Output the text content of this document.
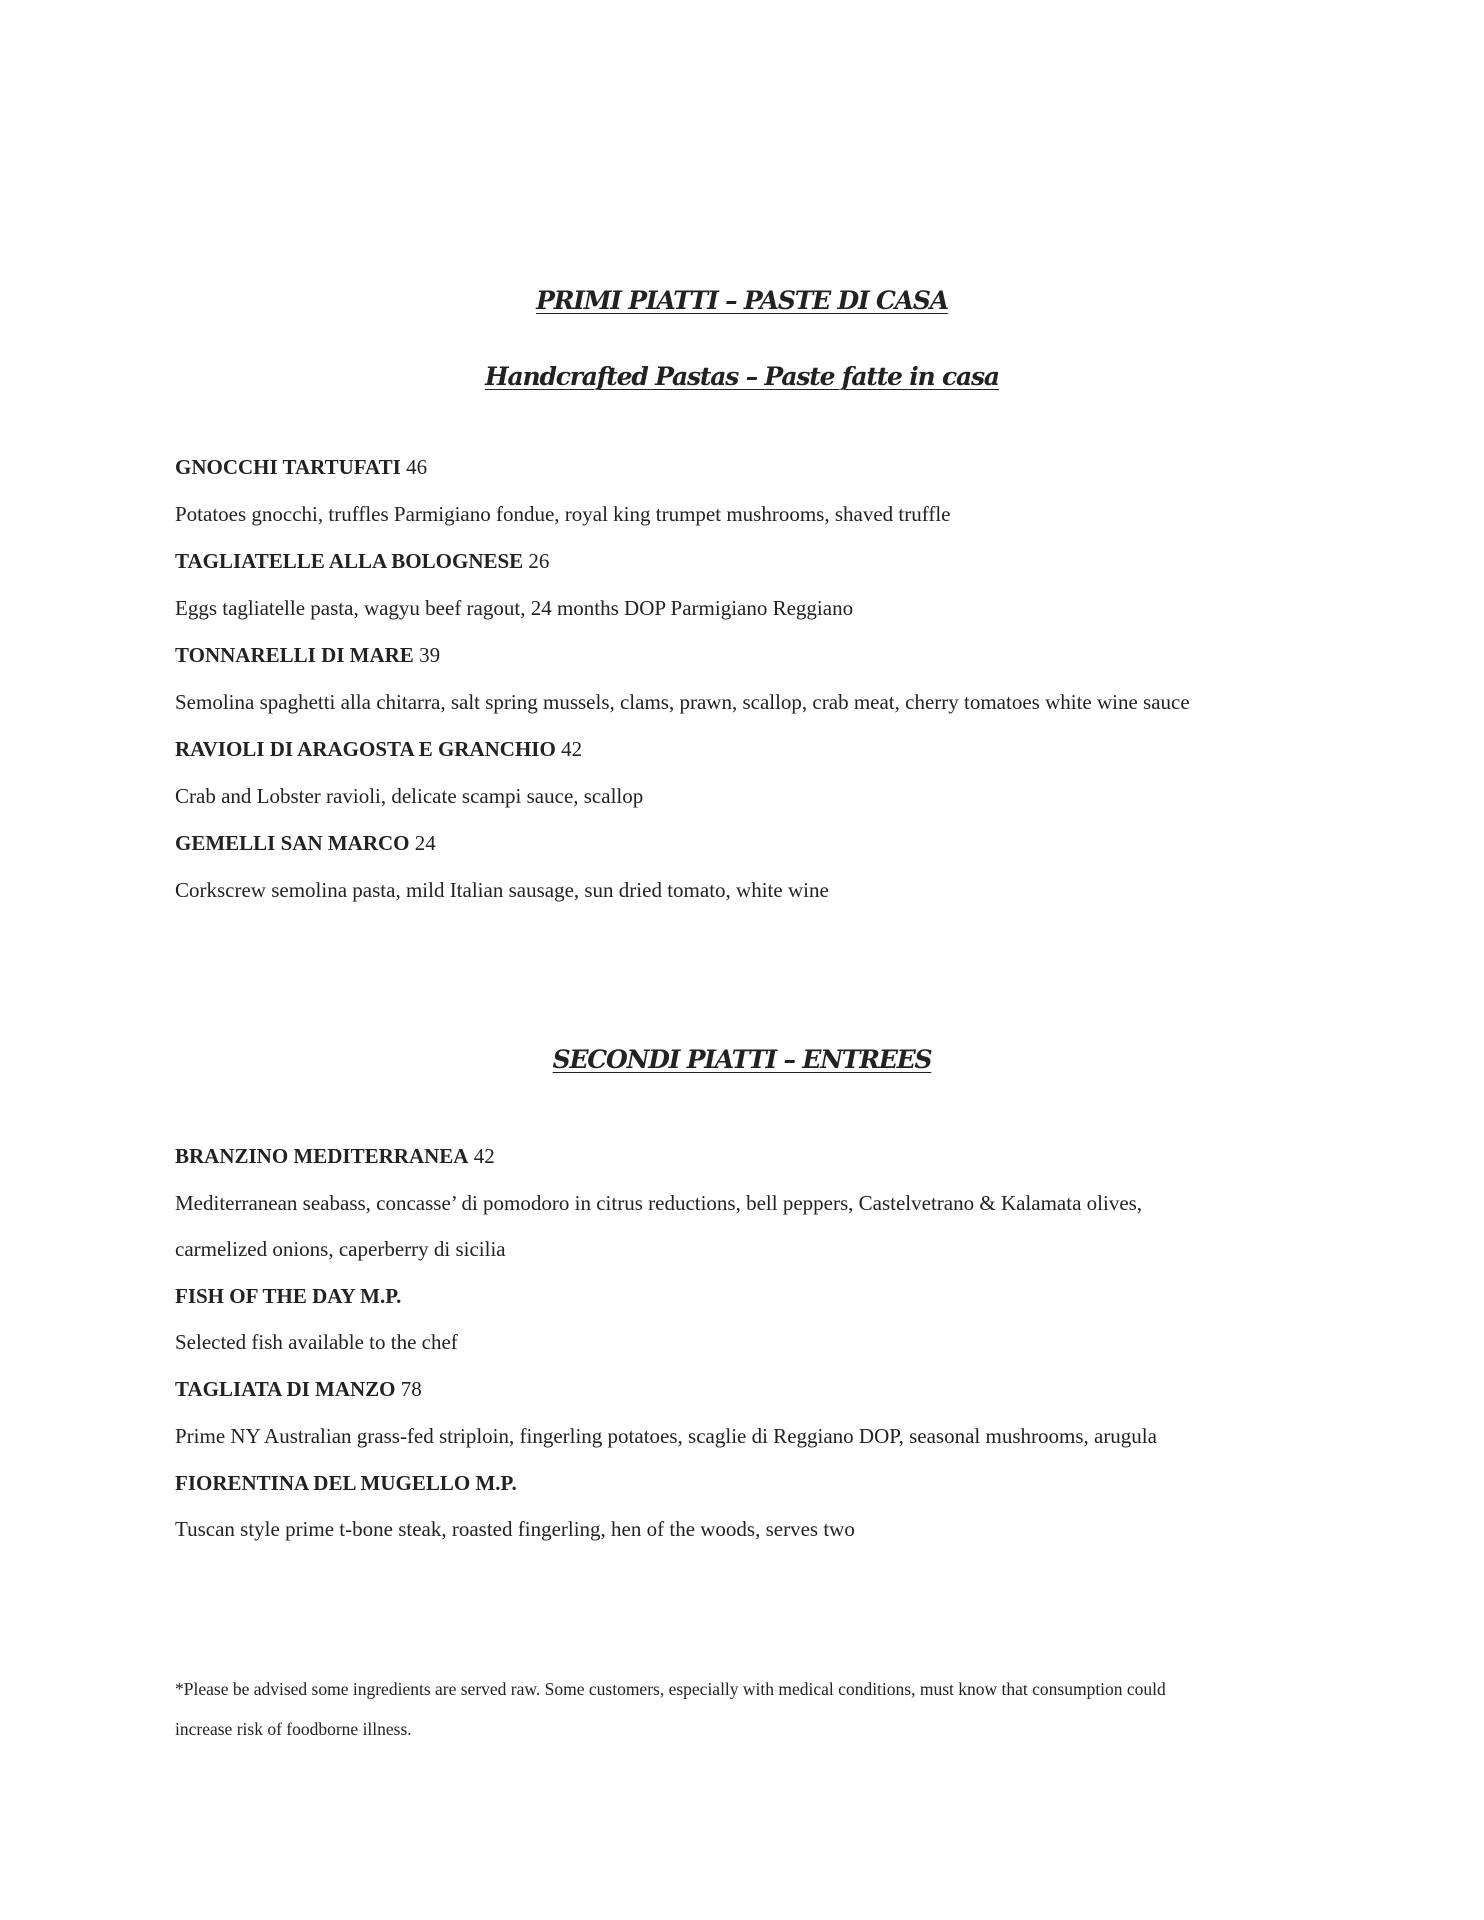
PRIMI PIATTI – PASTE DI CASA
Handcrafted Pastas – Paste fatte in casa

GNOCCHI TARTUFATI 46

Potatoes gnocchi, truffles Parmigiano fondue, royal king trumpet mushrooms, shaved truffle

TAGLIATELLE ALLA BOLOGNESE 26

Eggs tagliatelle pasta, wagyu beef ragout, 24 months DOP Parmigiano Reggiano

TONNARELLI DI MARE 39

Semolina spaghetti alla chitarra, salt spring mussels, clams, prawn, scallop, crab meat, cherry tomatoes white wine sauce

RAVIOLI DI ARAGOSTA E GRANCHIO 42

Crab and Lobster ravioli, delicate scampi sauce, scallop

GEMELLI SAN MARCO 24

Corkscrew semolina pasta, mild Italian sausage, sun dried tomato, white wine

SECONDI PIATTI – ENTREES

BRANZINO MEDITERRANEA 42

Mediterranean seabass, concasse’ di pomodoro in citrus reductions, bell peppers, Castelvetrano & Kalamata olives,

carmelized onions, caperberry di sicilia

FISH OF THE DAY M.P.

Selected fish available to the chef

TAGLIATA DI MANZO 78

Prime NY Australian grass-fed striploin, fingerling potatoes, scaglie di Reggiano DOP, seasonal mushrooms, arugula

FIORENTINA DEL MUGELLO M.P.

Tuscan style prime t-bone steak, roasted fingerling, hen of the woods, serves two

*Please be advised some ingredients are served raw. Some customers, especially with medical conditions, must know that consumption could

increase risk of foodborne illness.
